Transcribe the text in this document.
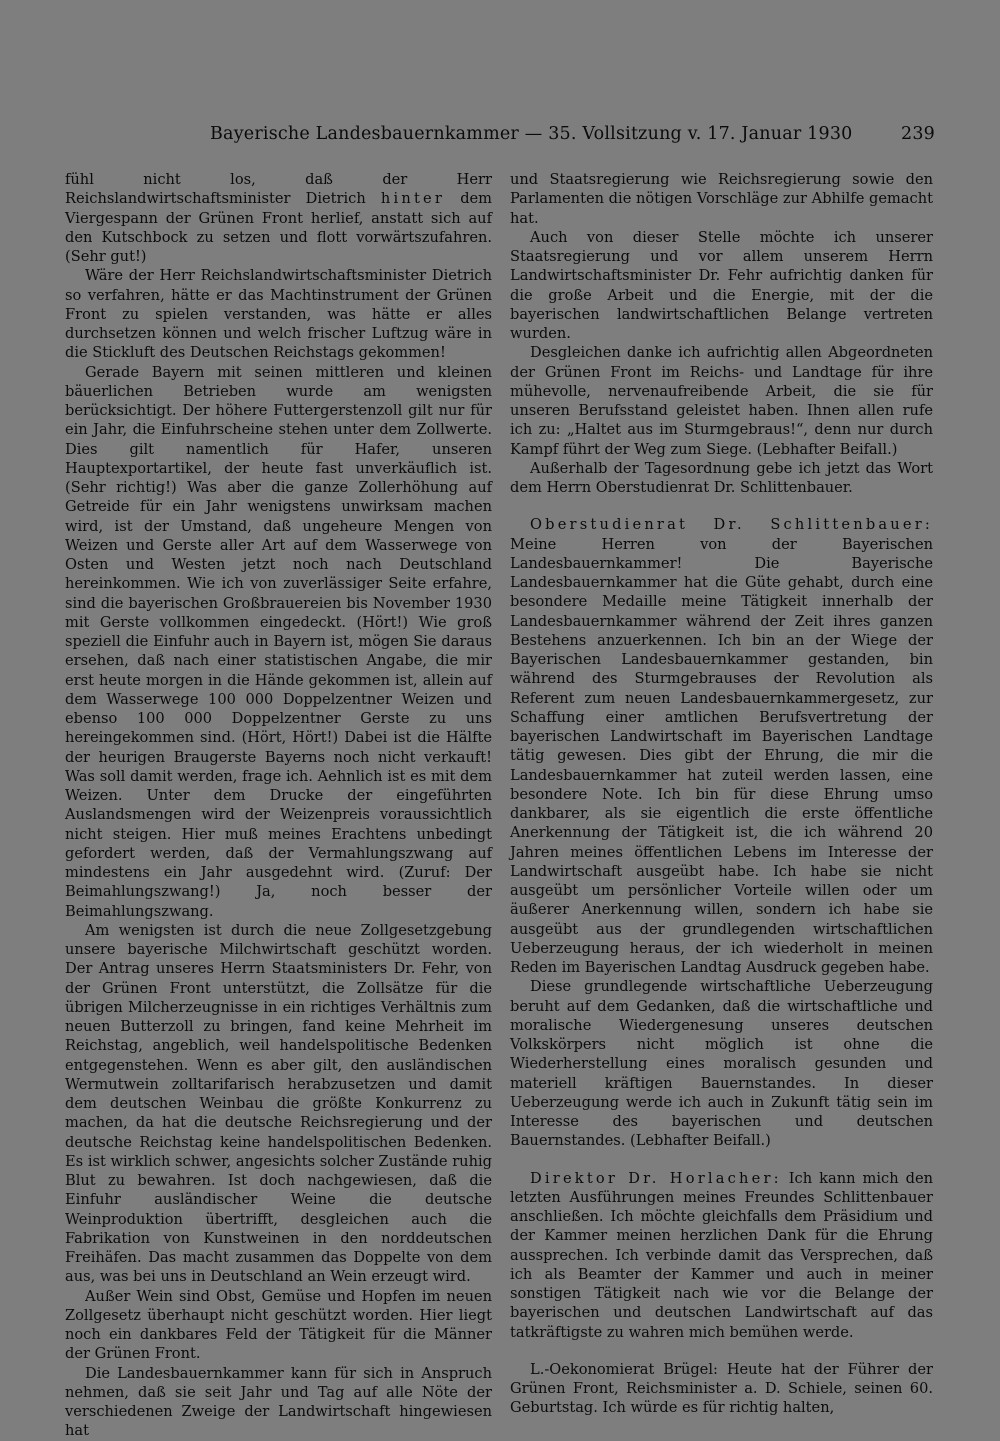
Bayerische Landesbauernkammer — 35. Vollsitzung v. 17. Januar 1930	239

fühl nicht los, daß der Herr Reichslandwirtschaftsminister Dietrich hinter dem Viergespann der Grünen Front herlief, anstatt sich auf den Kutschbock zu setzen und flott vorwärtszufahren. (Sehr gut!)

Wäre der Herr Reichslandwirtschaftsminister Dietrich so verfahren, hätte er das Machtinstrument der Grünen Front zu spielen verstanden, was hätte er alles durchsetzen können und welch frischer Luftzug wäre in die Stickluft des Deutschen Reichstags gekommen!

Gerade Bayern mit seinen mittleren und kleinen bäuerlichen Betrieben wurde am wenigsten berücksichtigt. Der höhere Futtergerstenzoll gilt nur für ein Jahr, die Einfuhrscheine stehen unter dem Zollwerte. Dies gilt namentlich für Hafer, unseren Hauptexportartikel, der heute fast unverkäuflich ist. (Sehr richtig!) Was aber die ganze Zollerhöhung auf Getreide für ein Jahr wenigstens unwirksam machen wird, ist der Umstand, daß ungeheure Mengen von Weizen und Gerste aller Art auf dem Wasserwege von Osten und Westen jetzt noch nach Deutschland hereinkommen. Wie ich von zuverlässiger Seite erfahre, sind die bayerischen Großbrauereien bis November 1930 mit Gerste vollkommen eingedeckt. (Hört!) Wie groß speziell die Einfuhr auch in Bayern ist, mögen Sie daraus ersehen, daß nach einer statistischen Angabe, die mir erst heute morgen in die Hände gekommen ist, allein auf dem Wasserwege 100 000 Doppelzentner Weizen und ebenso 100 000 Doppelzentner Gerste zu uns hereingekommen sind. (Hört, Hört!) Dabei ist die Hälfte der heurigen Braugerste Bayerns noch nicht verkauft! Was soll damit werden, frage ich. Aehnlich ist es mit dem Weizen. Unter dem Drucke der eingeführten Auslandsmengen wird der Weizenpreis voraussichtlich nicht steigen. Hier muß meines Erachtens unbedingt gefordert werden, daß der Vermahlungszwang auf mindestens ein Jahr ausgedehnt wird. (Zuruf: Der Beimahlungszwang!) Ja, noch besser der Beimahlungszwang.

Am wenigsten ist durch die neue Zollgesetzgebung unsere bayerische Milchwirtschaft geschützt worden. Der Antrag unseres Herrn Staatsministers Dr. Fehr, von der Grünen Front unterstützt, die Zollsätze für die übrigen Milcherzeugnisse in ein richtiges Verhältnis zum neuen Butterzoll zu bringen, fand keine Mehrheit im Reichstag, angeblich, weil handelspolitische Bedenken entgegenstehen. Wenn es aber gilt, den ausländischen Wermutwein zolltarifarisch herabzusetzen und damit dem deutschen Weinbau die größte Konkurrenz zu machen, da hat die deutsche Reichsregierung und der deutsche Reichstag keine handelspolitischen Bedenken. Es ist wirklich schwer, angesichts solcher Zustände ruhig Blut zu bewahren. Ist doch nachgewiesen, daß die Einfuhr ausländischer Weine die deutsche Weinproduktion übertrifft, desgleichen auch die Fabrikation von Kunstweinen in den norddeutschen Freihäfen. Das macht zusammen das Doppelte von dem aus, was bei uns in Deutschland an Wein erzeugt wird.

Außer Wein sind Obst, Gemüse und Hopfen im neuen Zollgesetz überhaupt nicht geschützt worden. Hier liegt noch ein dankbares Feld der Tätigkeit für die Männer der Grünen Front.

Die Landesbauernkammer kann für sich in Anspruch nehmen, daß sie seit Jahr und Tag auf alle Nöte der verschiedenen Zweige der Landwirtschaft hingewiesen hat

und Staatsregierung wie Reichsregierung sowie den Parlamenten die nötigen Vorschläge zur Abhilfe gemacht hat.

Auch von dieser Stelle möchte ich unserer Staatsregierung und vor allem unserem Herrn Landwirtschaftsminister Dr. Fehr aufrichtig danken für die große Arbeit und die Energie, mit der die bayerischen landwirtschaftlichen Belange vertreten wurden.

Desgleichen danke ich aufrichtig allen Abgeordneten der Grünen Front im Reichs- und Landtage für ihre mühevolle, nervenaufreibende Arbeit, die sie für unseren Berufsstand geleistet haben. Ihnen allen rufe ich zu: „Haltet aus im Sturmgebraus!“, denn nur durch Kampf führt der Weg zum Siege. (Lebhafter Beifall.)

Außerhalb der Tagesordnung gebe ich jetzt das Wort dem Herrn Oberstudienrat Dr. Schlittenbauer.

Oberstudienrat Dr. Schlittenbauer: Meine Herren von der Bayerischen Landesbauernkammer! Die Bayerische Landesbauernkammer hat die Güte gehabt, durch eine besondere Medaille meine Tätigkeit innerhalb der Landesbauernkammer während der Zeit ihres ganzen Bestehens anzuerkennen. Ich bin an der Wiege der Bayerischen Landesbauernkammer gestanden, bin während des Sturmgebrauses der Revolution als Referent zum neuen Landesbauernkammergesetz, zur Schaffung einer amtlichen Berufsvertretung der bayerischen Landwirtschaft im Bayerischen Landtage tätig gewesen. Dies gibt der Ehrung, die mir die Landesbauernkammer hat zuteil werden lassen, eine besondere Note. Ich bin für diese Ehrung umso dankbarer, als sie eigentlich die erste öffentliche Anerkennung der Tätigkeit ist, die ich während 20 Jahren meines öffentlichen Lebens im Interesse der Landwirtschaft ausgeübt habe. Ich habe sie nicht ausgeübt um persönlicher Vorteile willen oder um äußerer Anerkennung willen, sondern ich habe sie ausgeübt aus der grundlegenden wirtschaftlichen Ueberzeugung heraus, der ich wiederholt in meinen Reden im Bayerischen Landtag Ausdruck gegeben habe.

Diese grundlegende wirtschaftliche Ueberzeugung beruht auf dem Gedanken, daß die wirtschaftliche und moralische Wiedergenesung unseres deutschen Volkskörpers nicht möglich ist ohne die Wiederherstellung eines moralisch gesunden und materiell kräftigen Bauernstandes. In dieser Ueberzeugung werde ich auch in Zukunft tätig sein im Interesse des bayerischen und deutschen Bauernstandes. (Lebhafter Beifall.)

Direktor Dr. Horlacher: Ich kann mich den letzten Ausführungen meines Freundes Schlittenbauer anschließen. Ich möchte gleichfalls dem Präsidium und der Kammer meinen herzlichen Dank für die Ehrung aussprechen. Ich verbinde damit das Versprechen, daß ich als Beamter der Kammer und auch in meiner sonstigen Tätigkeit nach wie vor die Belange der bayerischen und deutschen Landwirtschaft auf das tatkräftigste zu wahren mich bemühen werde.

L.-Oekonomierat Brügel: Heute hat der Führer der Grünen Front, Reichsminister a. D. Schiele, seinen 60. Geburtstag. Ich würde es für richtig halten,
